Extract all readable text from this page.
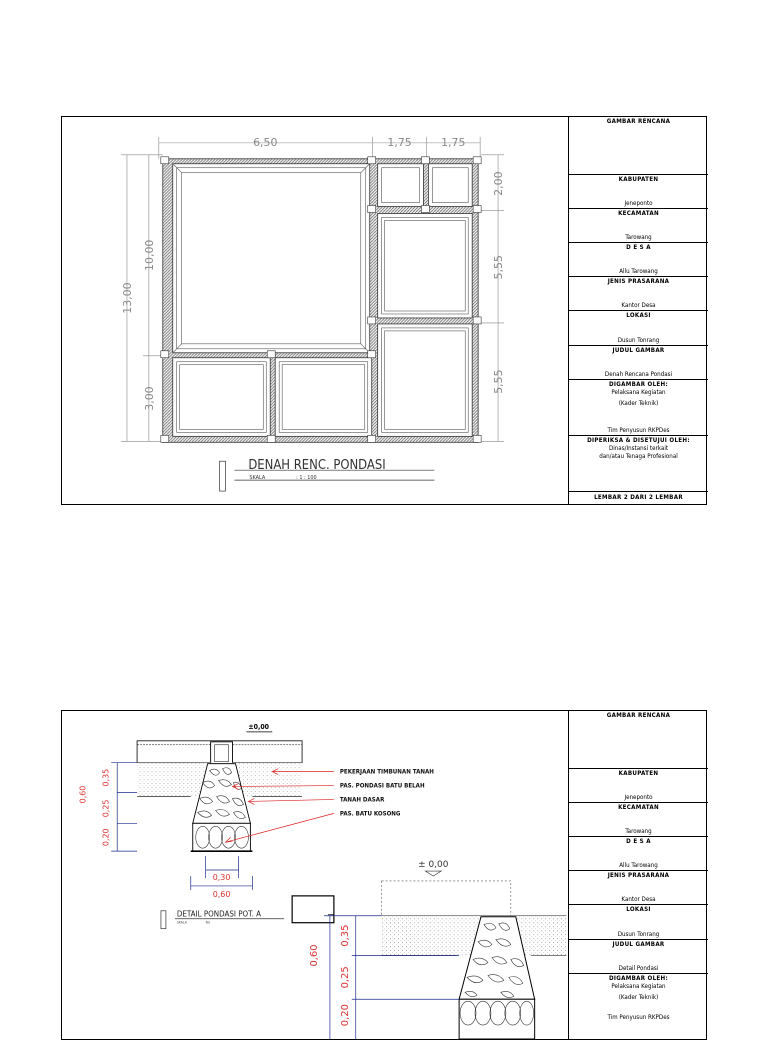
6,50	1,75	1,75
13,00
10,00
3,00
2,00
5,55
5,55
DENAH RENC. PONDASI
SKALA	: 1 : 100
GAMBAR RENCANA
KABUPATEN
Jeneponto
KECAMATAN
Tarowang
D E S A
Allu Tarowang
JENIS PRASARANA
Kantor Desa
LOKASI
Dusun Tonrang
JUDUL GAMBAR
Denah Rencana Pondasi
DIGAMBAR OLEH:
Pelaksana Kegiatan
(Kader Teknik)
Tim Penyusun RKPDes
DIPERIKSA & DISETUJUI OLEH:
Dinas/Instansi terkait
dan/atau Tenaga Profesional
LEMBAR 2 DARI 2 LEMBAR
±0,00
0,60
0,35
0,25
0,20
0,30
0,60
PEKERJAAN TIMBUNAN TANAH
PAS. PONDASI BATU BELAH
TANAH DASAR
PAS. BATU KOSONG
DETAIL PONDASI POT. A
SKALA	NS
± 0,00
0,60
0,35
0,25
0,20
GAMBAR RENCANA
KABUPATEN
Jeneponto
KECAMATAN
Tarowang
D E S A
Allu Tarowang
JENIS PRASARANA
Kantor Desa
LOKASI
Dusun Tonrang
JUDUL GAMBAR
Detail Pondasi
DIGAMBAR OLEH:
Pelaksana Kegiatan
(Kader Teknik)
Tim Penyusun RKPDes
